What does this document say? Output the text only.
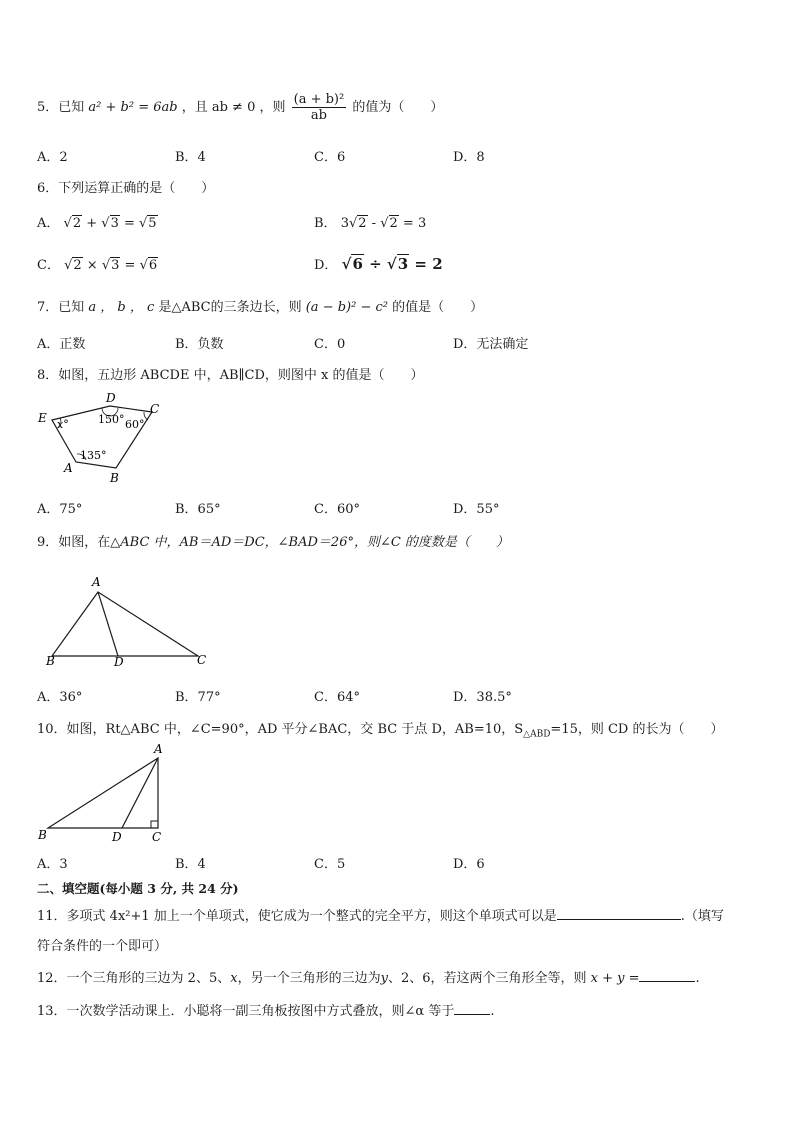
5．已知 a² + b² = 6ab ，且 ab ≠ 0 ，则 $\frac{\text{(a + b)²}}{ab}$ 的值为（　　）
A．2	B．4	C．6	D．8
6．下列运算正确的是（　　）
A． √2 + √3 = √5	B． 3√2 - √2 = 3
C． √2 × √3 = √6	D． √6 ÷ √3 = 2
7．已知 a ， b ， c 是△ABC的三条边长，则 (a − b)² − c² 的值是（　　）
A．正数	B．负数	C．0	D．无法确定
8．如图，五边形 ABCDE 中，AB∥CD，则图中 x 的值是（　　）
E
D
C
A
B
x°	150° 60°
135°
A．75°	B．65°	C．60°	D．55°
9．如图，在△ABC 中，AB＝AD＝DC，∠BAD＝26°，则∠C 的度数是（　　）
A
B	D	C
A．36°	B．77°	C．64°	D．38.5°
10．如图，Rt△ABC 中，∠C=90°，AD 平分∠BAC，交 BC 于点 D，AB=10，$S_{\triangle ABD}=15$，则 CD 的长为（　　）
A
B	D	C
A．3	B．4	C．5	D．6
二、填空题(每小题 3 分, 共 24 分)
11．多项式 4x²+1 加上一个单项式，使它成为一个整式的完全平方，则这个单项式可以是	.（填写
符合条件的一个即可）
12．一个三角形的三边为 2、5、x，另一个三角形的三边为y、2、6，若这两个三角形全等，则 x + y =	.
13．一次数学活动课上．小聪将一副三角板按图中方式叠放，则∠α 等于	.
